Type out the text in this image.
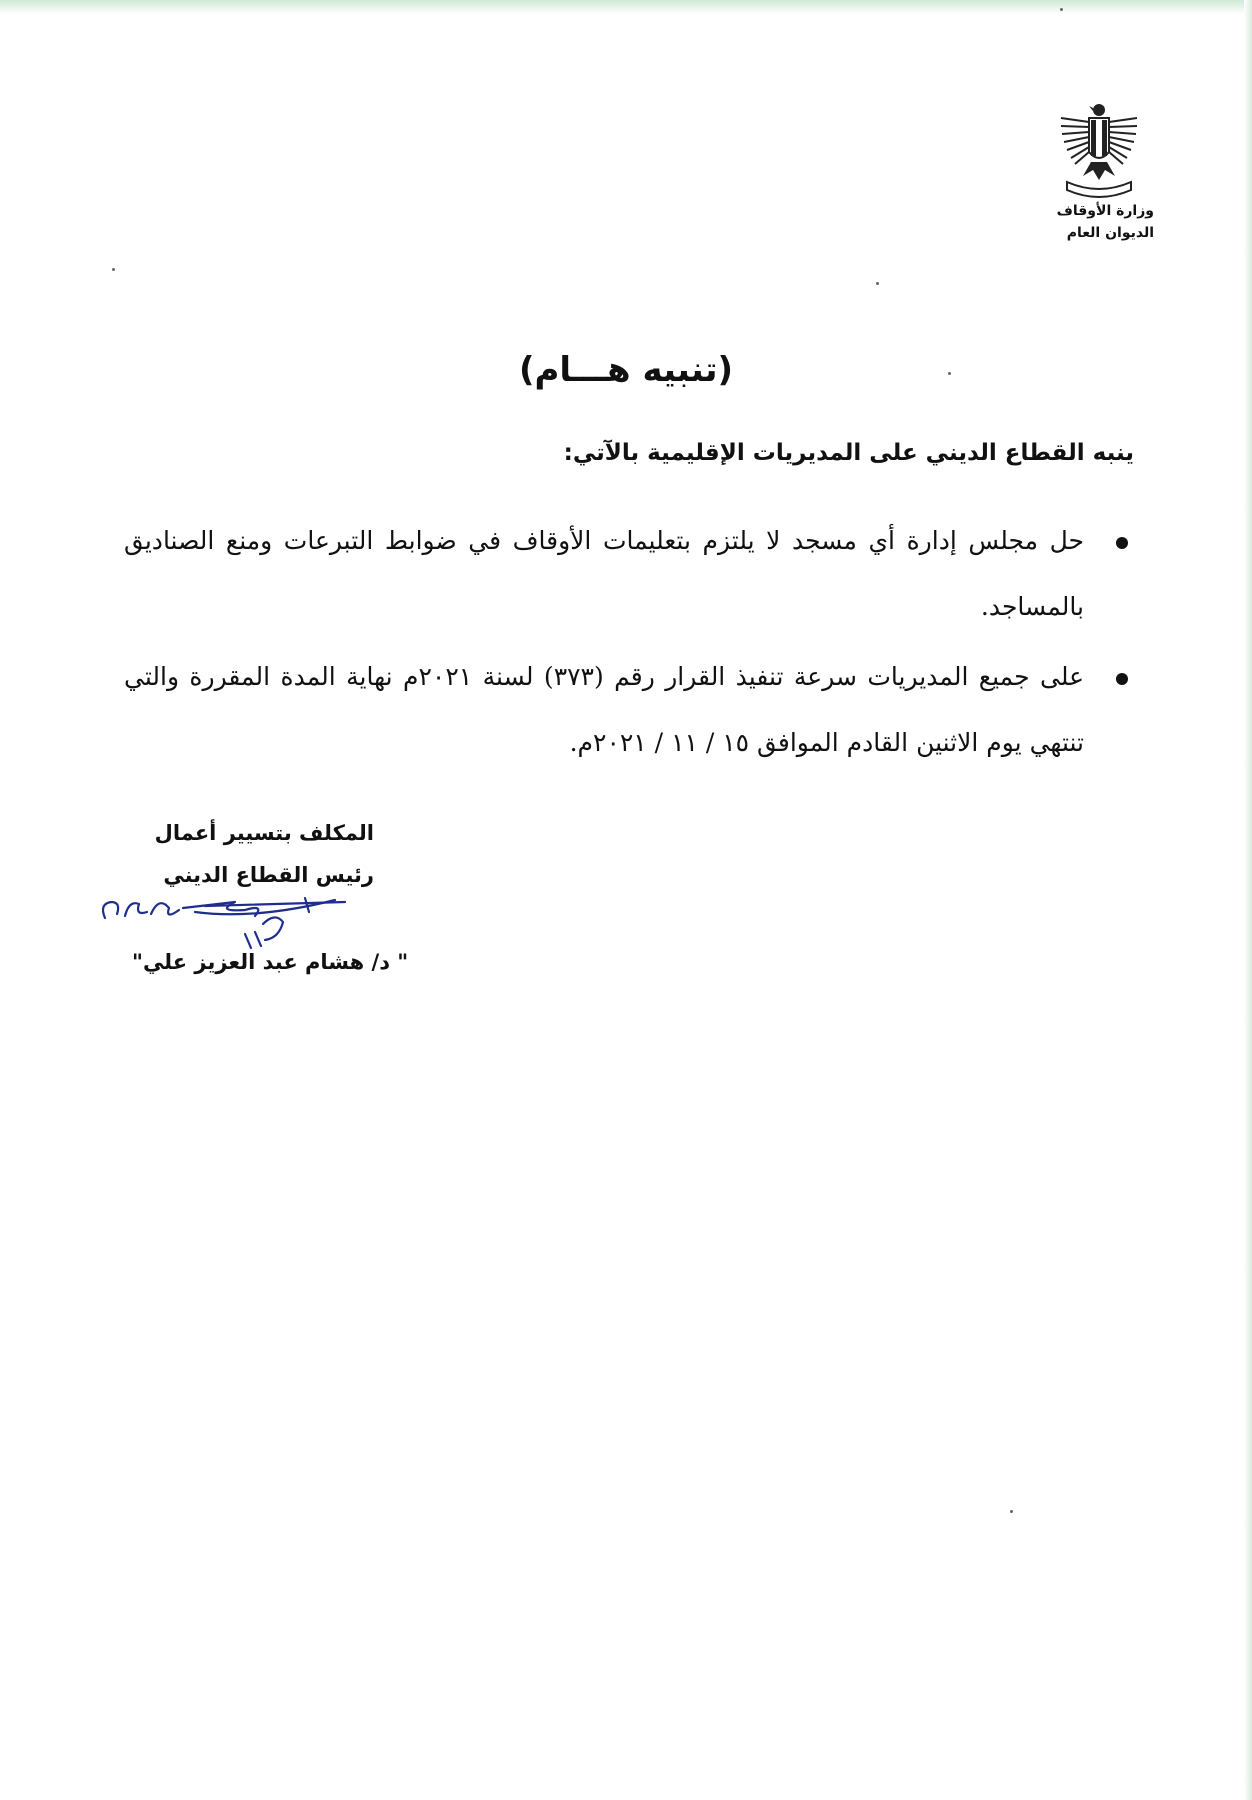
وزارة الأوقاف
الديوان العام
(تنبيه هـــام)
ينبه القطاع الديني على المديريات الإقليمية بالآتي:
حل مجلس إدارة أي مسجد لا يلتزم بتعليمات الأوقاف في ضوابط التبرعات ومنع الصناديق بالمساجد.
على جميع المديريات سرعة تنفيذ القرار رقم (٣٧٣) لسنة ٢٠٢١م نهاية المدة المقررة والتي تنتهي يوم الاثنين القادم الموافق ١٥ / ١١ / ٢٠٢١م.
المكلف بتسيير أعمال
رئيس القطاع الديني
" د/ هشام عبد العزيز علي"
